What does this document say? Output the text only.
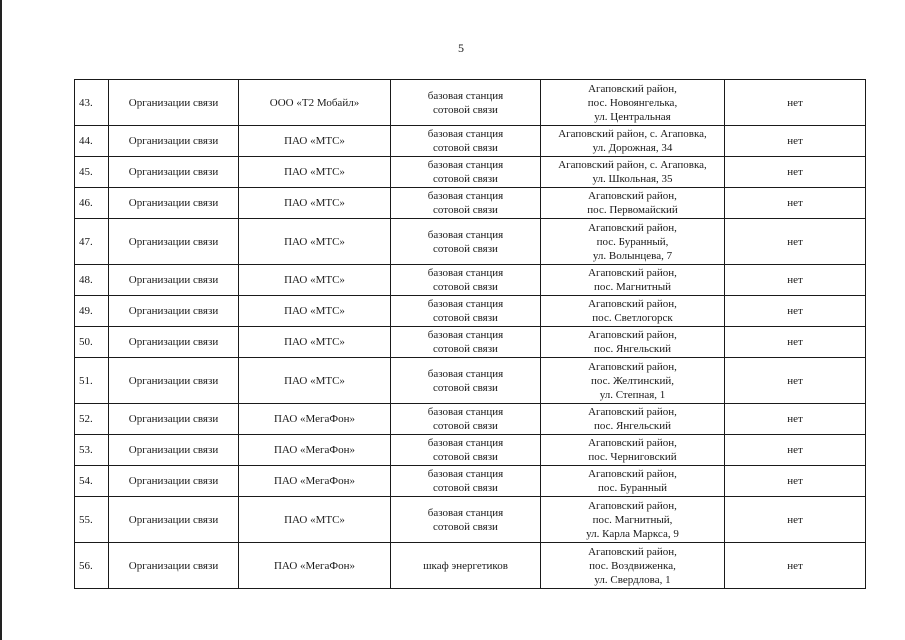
5
43.	Организации связи	ООО «Т2 Мобайл»	базовая станция
сотовой связи	Агаповский район,
пос. Новоянгелька,
ул. Центральная	нет

44.	Организации связи	ПАО «МТС»	базовая станция
сотовой связи	Агаповский район, с. Агаповка,
ул. Дорожная, 34	нет

45.	Организации связи	ПАО «МТС»	базовая станция
сотовой связи	Агаповский район, с. Агаповка,
ул. Школьная, 35	нет

46.	Организации связи	ПАО «МТС»	базовая станция
сотовой связи	Агаповский район,
пос. Первомайский	нет

47.	Организации связи	ПАО «МТС»	базовая станция
сотовой связи	Агаповский район,
пос. Буранный,
ул. Волынцева, 7	нет

48.	Организации связи	ПАО «МТС»	базовая станция
сотовой связи	Агаповский район,
пос. Магнитный	нет

49.	Организации связи	ПАО «МТС»	базовая станция
сотовой связи	Агаповский район,
пос. Светлогорск	нет

50.	Организации связи	ПАО «МТС»	базовая станция
сотовой связи	Агаповский район,
пос. Янгельский	нет

51.	Организации связи	ПАО «МТС»	базовая станция
сотовой связи	Агаповский район,
пос. Желтинский,
ул. Степная, 1	нет

52.	Организации связи	ПАО «МегаФон»	базовая станция
сотовой связи	Агаповский район,
пос. Янгельский	нет

53.	Организации связи	ПАО «МегаФон»	базовая станция
сотовой связи	Агаповский район,
пос. Черниговский	нет

54.	Организации связи	ПАО «МегаФон»	базовая станция
сотовой связи	Агаповский район,
пос. Буранный	нет

55.	Организации связи	ПАО «МТС»	базовая станция
сотовой связи	Агаповский район,
пос. Магнитный,
ул. Карла Маркса, 9	нет

56.	Организации связи	ПАО «МегаФон»	шкаф энергетиков	Агаповский район,
пос. Воздвиженка,
ул. Свердлова, 1	нет
